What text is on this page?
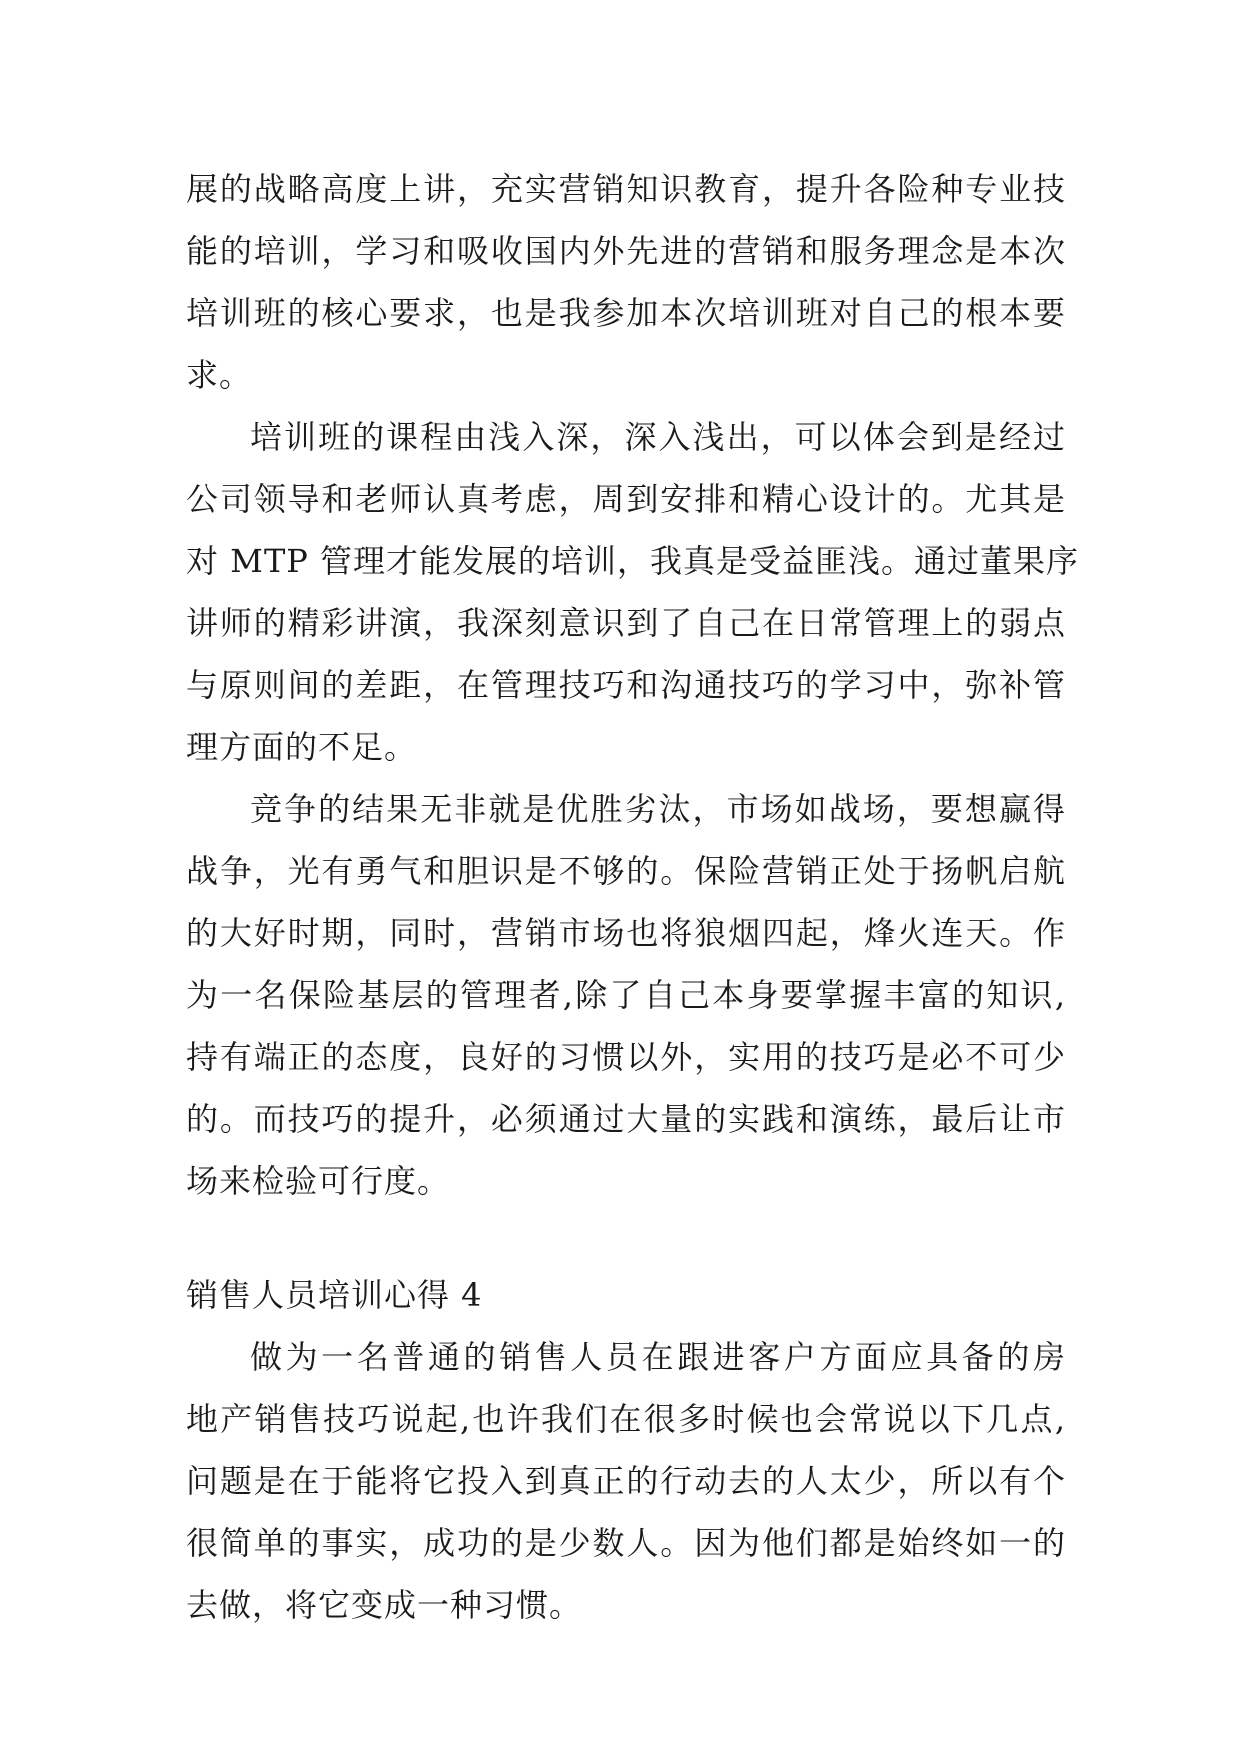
展的战略高度上讲，充实营销知识教育，提升各险种专业技
能的培训，学习和吸收国内外先进的营销和服务理念是本次
培训班的核心要求，也是我参加本次培训班对自己的根本要
求。
培训班的课程由浅入深，深入浅出，可以体会到是经过
公司领导和老师认真考虑，周到安排和精心设计的。尤其是
对 MTP 管理才能发展的培训，我真是受益匪浅。通过董果序
讲师的精彩讲演，我深刻意识到了自己在日常管理上的弱点
与原则间的差距，在管理技巧和沟通技巧的学习中，弥补管
理方面的不足。
竞争的结果无非就是优胜劣汰，市场如战场，要想赢得
战争，光有勇气和胆识是不够的。保险营销正处于扬帆启航
的大好时期，同时，营销市场也将狼烟四起，烽火连天。作
为一名保险基层的管理者,除了自己本身要掌握丰富的知识,
持有端正的态度，良好的习惯以外，实用的技巧是必不可少
的。而技巧的提升，必须通过大量的实践和演练，最后让市
场来检验可行度。
销售人员培训心得 4
做为一名普通的销售人员在跟进客户方面应具备的房
地产销售技巧说起,也许我们在很多时候也会常说以下几点,
问题是在于能将它投入到真正的行动去的人太少，所以有个
很简单的事实，成功的是少数人。因为他们都是始终如一的
去做，将它变成一种习惯。
